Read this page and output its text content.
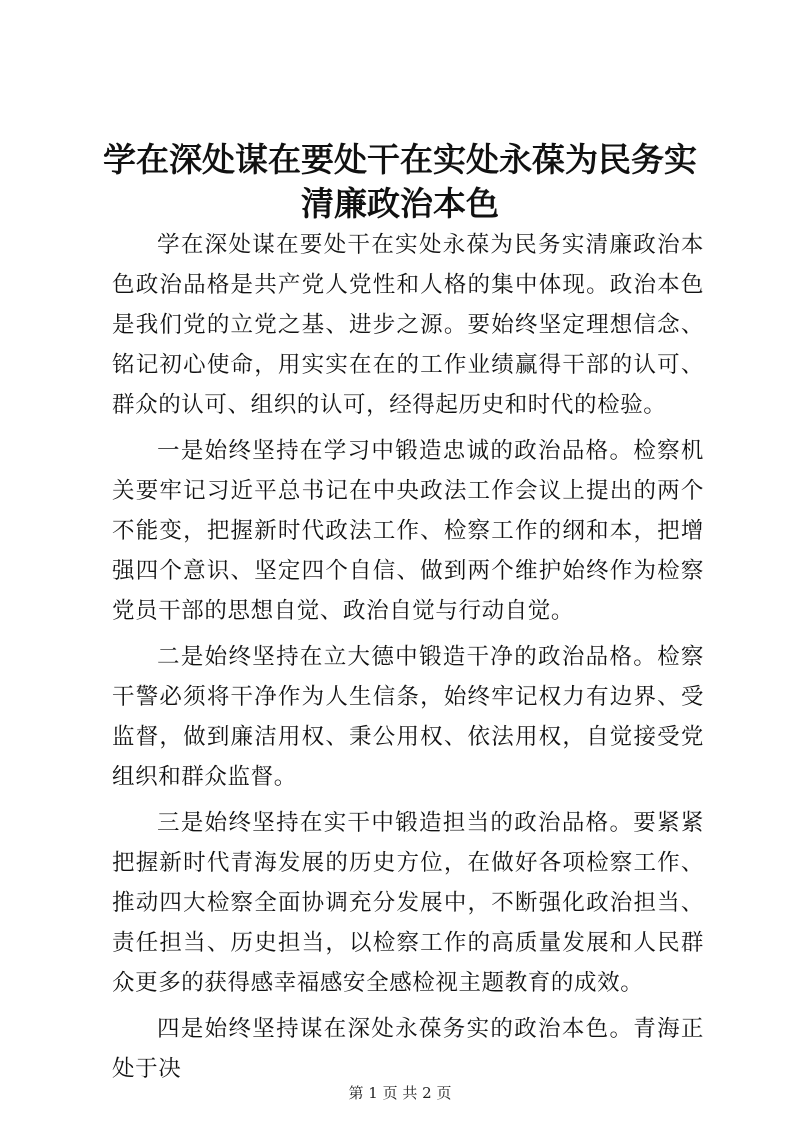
学在深处谋在要处干在实处永葆为民务实清廉政治本色

学在深处谋在要处干在实处永葆为民务实清廉政治本色政治品格是共产党人党性和人格的集中体现。政治本色是我们党的立党之基、进步之源。要始终坚定理想信念、铭记初心使命，用实实在在的工作业绩赢得干部的认可、群众的认可、组织的认可，经得起历史和时代的检验。

一是始终坚持在学习中锻造忠诚的政治品格。检察机关要牢记习近平总书记在中央政法工作会议上提出的两个不能变，把握新时代政法工作、检察工作的纲和本，把增强四个意识、坚定四个自信、做到两个维护始终作为检察党员干部的思想自觉、政治自觉与行动自觉。

二是始终坚持在立大德中锻造干净的政治品格。检察干警必须将干净作为人生信条，始终牢记权力有边界、受监督，做到廉洁用权、秉公用权、依法用权，自觉接受党组织和群众监督。

三是始终坚持在实干中锻造担当的政治品格。要紧紧把握新时代青海发展的历史方位，在做好各项检察工作、推动四大检察全面协调充分发展中，不断强化政治担当、责任担当、历史担当，以检察工作的高质量发展和人民群众更多的获得感幸福感安全感检视主题教育的成效。

四是始终坚持谋在深处永葆务实的政治本色。青海正处于决

第 1 页 共 2 页
